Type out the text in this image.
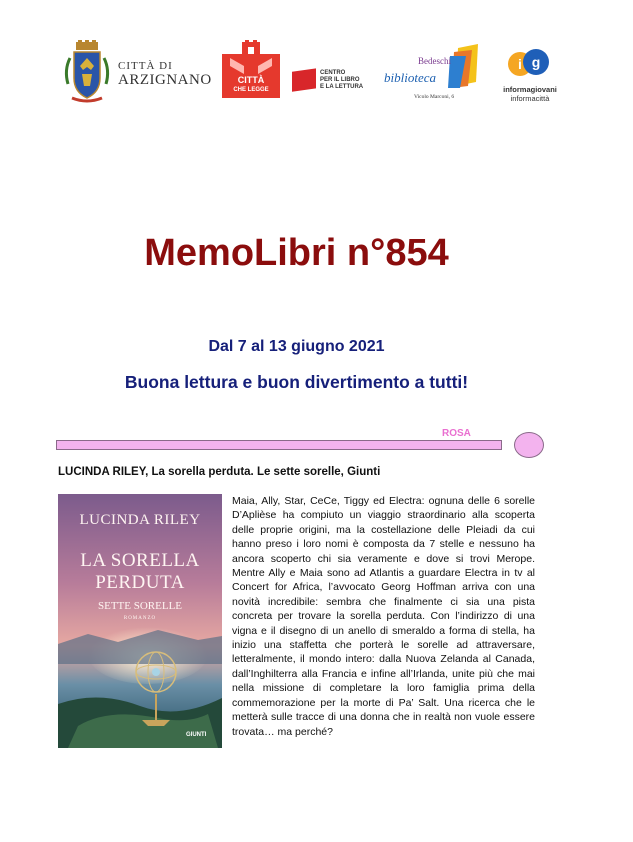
CITTÀ DI
ARZIGNANO	CITTÀ
CHE LEGGE
CENTRO
PER IL LIBRO
E LA LETTURA
Bedeschi
biblioteca
Vicolo Marconi, 6
i g
informagiovani
informacittà
MemoLibri n°854
Dal 7 al 13 giugno 2021
Buona lettura e buon divertimento a tutti!
ROSA
LUCINDA RILEY, La sorella perduta. Le sette sorelle, Giunti
LUCINDA RILEY
LA SORELLA
PERDUTA
SETTE SORELLE
ROMANZO
GIUNTI
Maia, Ally, Star, CeCe, Tiggy ed Electra: ognuna delle 6 sorelle D’Aplièse ha compiuto un viaggio straordinario alla scoperta delle proprie origini, ma la costellazione delle Pleiadi da cui hanno preso i loro nomi è composta da 7 stelle e nessuno ha ancora scoperto chi sia veramente e dove si trovi Merope. Mentre Ally e Maia sono ad Atlantis a guardare Electra in tv al Concert for Africa, l’avvocato Georg Hoffman arriva con una novità incredibile: sembra che finalmente ci sia una pista concreta per trovare la sorella perduta. Con l’indirizzo di una vigna e il disegno di un anello di smeraldo a forma di stella, ha inizio una staffetta che porterà le sorelle ad attraversare, letteralmente, il mondo intero: dalla Nuova Zelanda al Canada, dall’Inghilterra alla Francia e infine all’Irlanda, unite più che mai nella missione di completare la loro famiglia prima della commemorazione per la morte di Pa’ Salt. Una ricerca che le metterà sulle tracce di una donna che in realtà non vuole essere trovata… ma perché?
